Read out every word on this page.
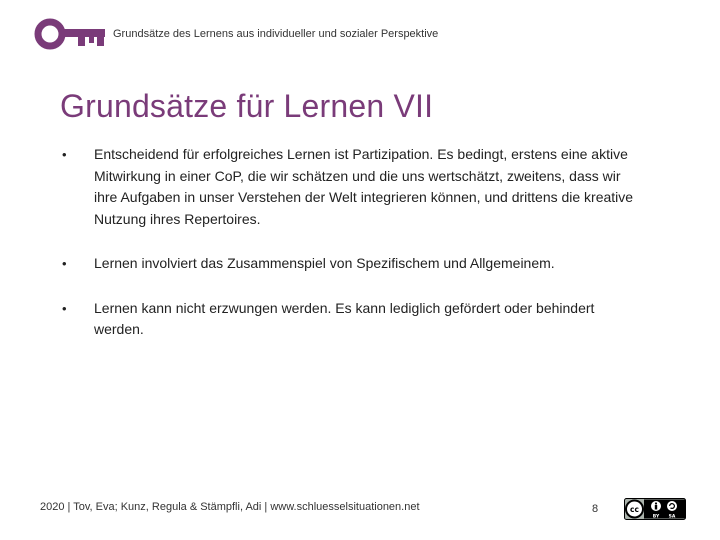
Grundsätze des Lernens aus individueller und sozialer Perspektive
Grundsätze für Lernen VII
• Entscheidend für erfolgreiches Lernen ist Partizipation. Es bedingt, erstens eine aktive Mitwirkung in einer CoP, die wir schätzen und die uns wertschätzt, zweitens, dass wir ihre Aufgaben in unser Verstehen der Welt integrieren können, und drittens die kreative Nutzung ihres Repertoires.
• Lernen involviert das Zusammenspiel von Spezifischem und Allgemeinem.
• Lernen kann nicht erzwungen werden. Es kann lediglich gefördert oder behindert werden.
2020 | Tov, Eva; Kunz, Regula & Stämpfli, Adi | www.schluesselsituationen.net	8	cc
BY SA
